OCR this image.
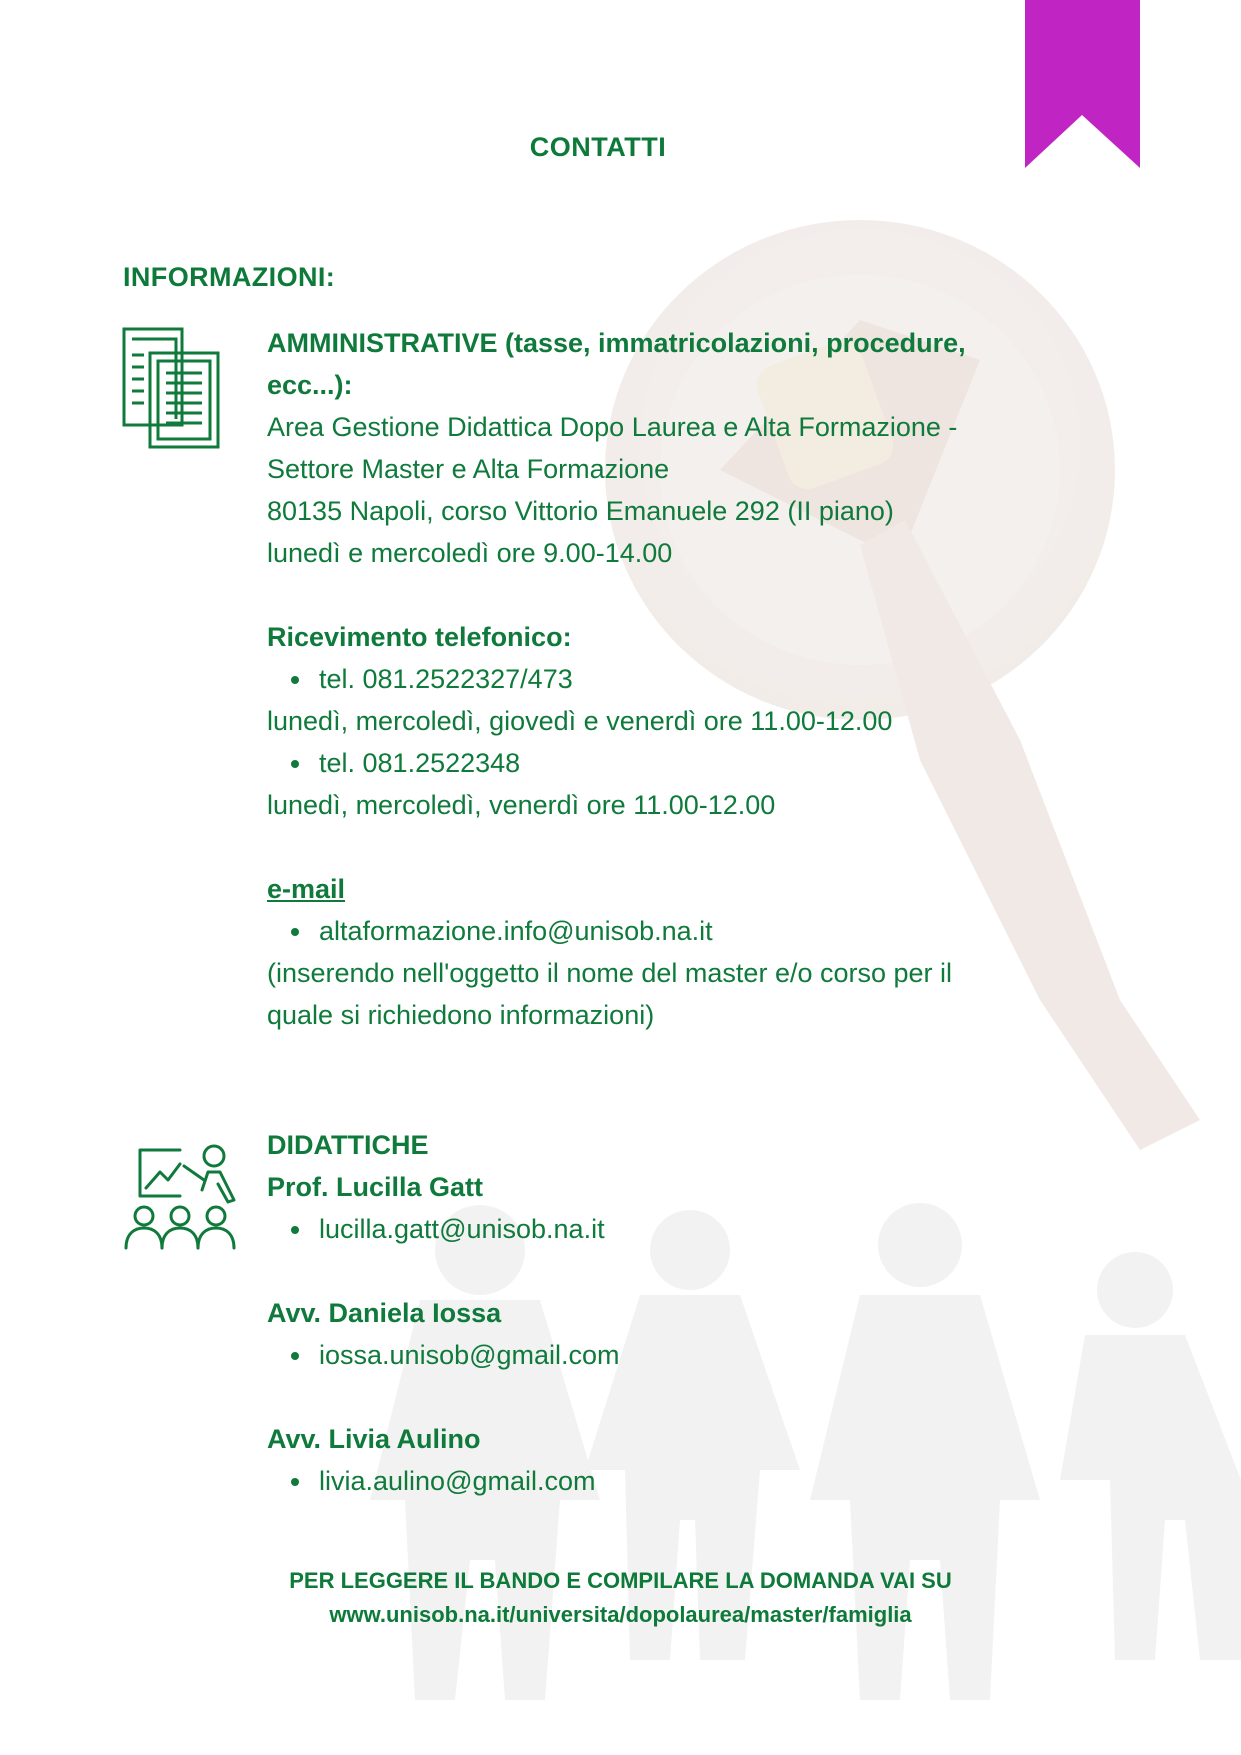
CONTATTI
INFORMAZIONI:
AMMINISTRATIVE (tasse, immatricolazioni, procedure,
ecc...):
Area Gestione Didattica Dopo Laurea e Alta Formazione -
Settore Master e Alta Formazione
80135 Napoli, corso Vittorio Emanuele 292 (II piano)
lunedì e mercoledì ore 9.00-14.00
Ricevimento telefonico:
tel. 081.2522327/473
lunedì, mercoledì, giovedì e venerdì ore 11.00-12.00
tel. 081.2522348
lunedì, mercoledì, venerdì ore 11.00-12.00
e-mail
altaformazione.info@unisob.na.it
(inserendo nell'oggetto il nome del master e/o corso per il
quale si richiedono informazioni)
DIDATTICHE
Prof. Lucilla Gatt
lucilla.gatt@unisob.na.it
Avv. Daniela Iossa
iossa.unisob@gmail.com
Avv. Livia Aulino
livia.aulino@gmail.com
PER LEGGERE IL BANDO E COMPILARE LA DOMANDA VAI SU
www.unisob.na.it/universita/dopolaurea/master/famiglia
